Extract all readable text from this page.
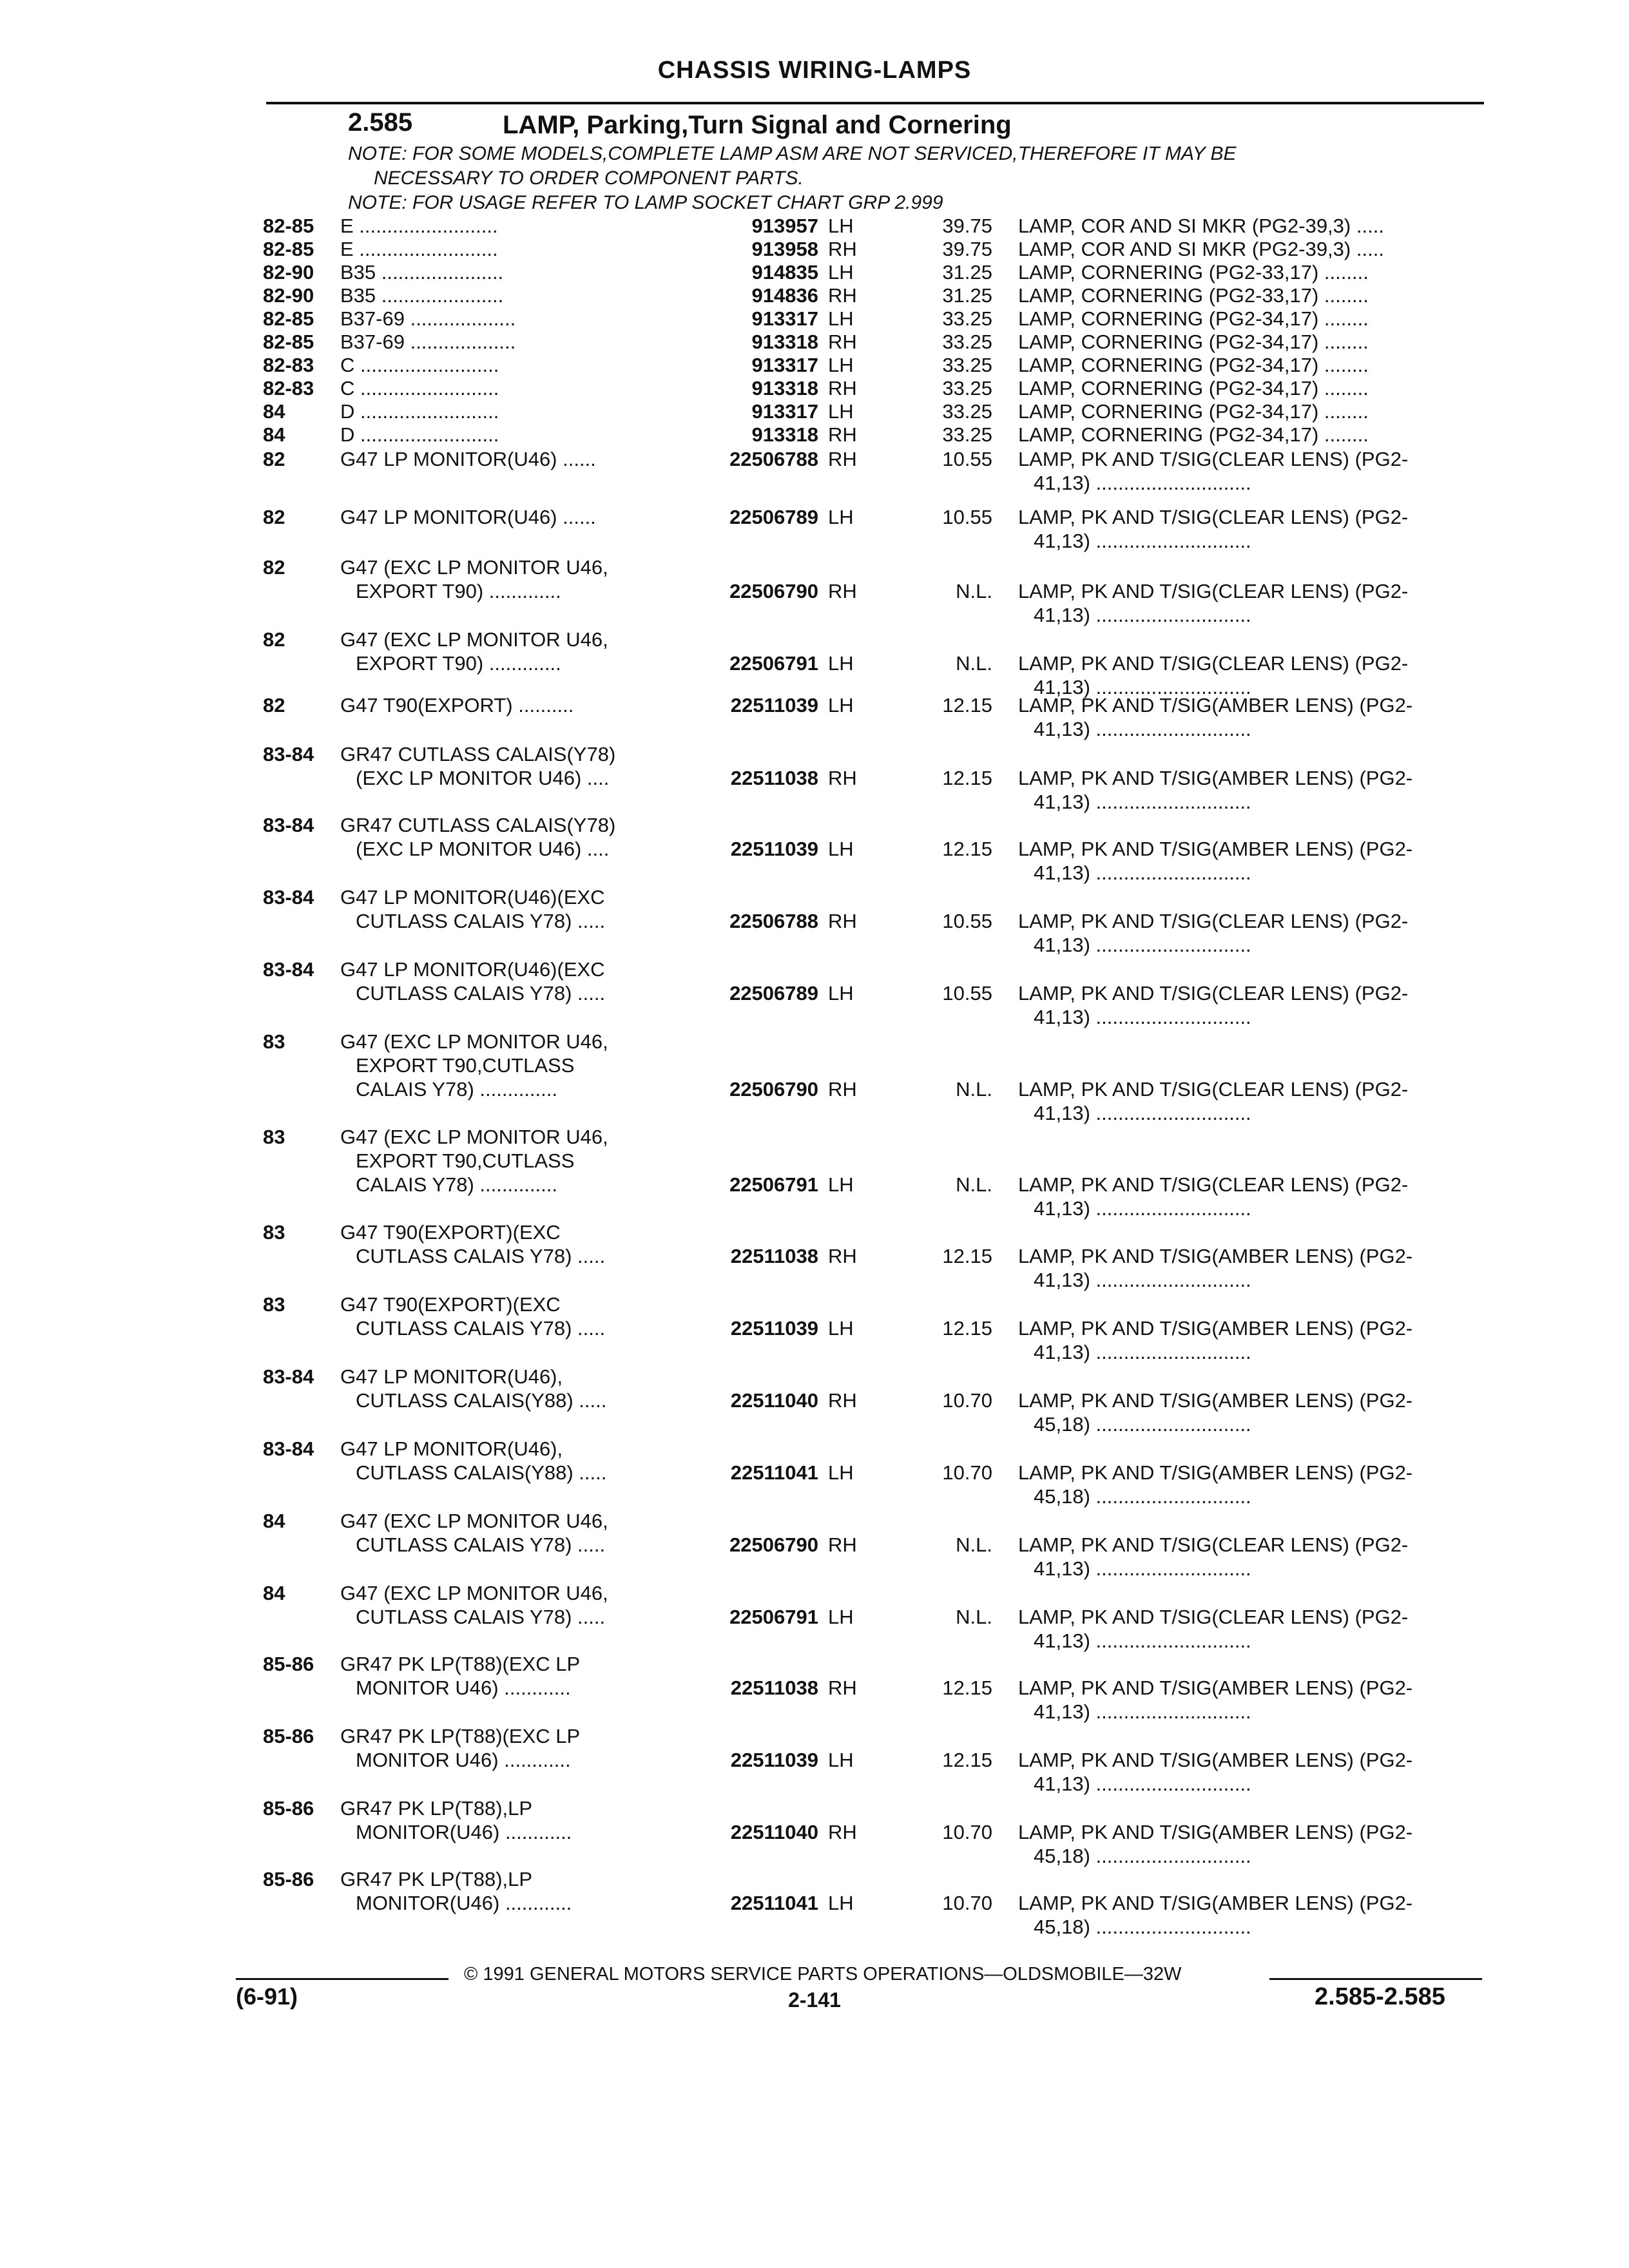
CHASSIS WIRING-LAMPS
2.585	LAMP, Parking,Turn Signal and Cornering
NOTE: FOR SOME MODELS,COMPLETE LAMP ASM ARE NOT SERVICED,THEREFORE IT MAY BE
NECESSARY TO ORDER COMPONENT PARTS.
NOTE: FOR USAGE REFER TO LAMP SOCKET CHART GRP 2.999
82-85 E .........................	913957 LH	39.75 LAMP, COR AND SI MKR (PG2-39,3) .....
82-85 E .........................	913958 RH	39.75 LAMP, COR AND SI MKR (PG2-39,3) .....
82-90 B35 ......................	914835 LH	31.25 LAMP, CORNERING (PG2-33,17) ........
82-90 B35 ......................	914836 RH	31.25 LAMP, CORNERING (PG2-33,17) ........
82-85 B37-69 ...................	913317 LH	33.25 LAMP, CORNERING (PG2-34,17) ........
82-85 B37-69 ...................	913318 RH	33.25 LAMP, CORNERING (PG2-34,17) ........
82-83 C .........................	913317 LH	33.25 LAMP, CORNERING (PG2-34,17) ........
82-83 C .........................	913318 RH	33.25 LAMP, CORNERING (PG2-34,17) ........
84	D .........................	913317 LH	33.25 LAMP, CORNERING (PG2-34,17) ........
84	D .........................	913318 RH	33.25 LAMP, CORNERING (PG2-34,17) ........
82	G47 LP MONITOR(U46) ......	22506788 RH	10.55 LAMP, PK AND T/SIG(CLEAR LENS) (PG2-
41,13) ............................
82	G47 LP MONITOR(U46) ......	22506789 LH	10.55 LAMP, PK AND T/SIG(CLEAR LENS) (PG2-
41,13) ............................
82	G47 (EXC LP MONITOR U46,
EXPORT T90) .............	22506790 RH	N.L. LAMP, PK AND T/SIG(CLEAR LENS) (PG2-
41,13) ............................
82	G47 (EXC LP MONITOR U46,
EXPORT T90) .............	22506791 LH	N.L. LAMP, PK AND T/SIG(CLEAR LENS) (PG2-
41,13) ............................
82	G47 T90(EXPORT) ..........	22511039 LH	12.15 LAMP, PK AND T/SIG(AMBER LENS) (PG2-
41,13) ............................
83-84 GR47 CUTLASS CALAIS(Y78)
(EXC LP MONITOR U46) ....	22511038 RH	12.15 LAMP, PK AND T/SIG(AMBER LENS) (PG2-
41,13) ............................
83-84 GR47 CUTLASS CALAIS(Y78)
(EXC LP MONITOR U46) ....	22511039 LH	12.15 LAMP, PK AND T/SIG(AMBER LENS) (PG2-
41,13) ............................
83-84 G47 LP MONITOR(U46)(EXC
CUTLASS CALAIS Y78) .....	22506788 RH	10.55 LAMP, PK AND T/SIG(CLEAR LENS) (PG2-
41,13) ............................
83-84 G47 LP MONITOR(U46)(EXC
CUTLASS CALAIS Y78) .....	22506789 LH	10.55 LAMP, PK AND T/SIG(CLEAR LENS) (PG2-
41,13) ............................
83	G47 (EXC LP MONITOR U46,
EXPORT T90,CUTLASS
CALAIS Y78) ..............	22506790 RH	N.L. LAMP, PK AND T/SIG(CLEAR LENS) (PG2-
41,13) ............................
83	G47 (EXC LP MONITOR U46,
EXPORT T90,CUTLASS
CALAIS Y78) ..............	22506791 LH	N.L. LAMP, PK AND T/SIG(CLEAR LENS) (PG2-
41,13) ............................
83	G47 T90(EXPORT)(EXC
CUTLASS CALAIS Y78) .....	22511038 RH	12.15 LAMP, PK AND T/SIG(AMBER LENS) (PG2-
41,13) ............................
83	G47 T90(EXPORT)(EXC
CUTLASS CALAIS Y78) .....	22511039 LH	12.15 LAMP, PK AND T/SIG(AMBER LENS) (PG2-
41,13) ............................
83-84 G47 LP MONITOR(U46),
CUTLASS CALAIS(Y88) .....	22511040 RH	10.70 LAMP, PK AND T/SIG(AMBER LENS) (PG2-
45,18) ............................
83-84 G47 LP MONITOR(U46),
CUTLASS CALAIS(Y88) .....	22511041 LH	10.70 LAMP, PK AND T/SIG(AMBER LENS) (PG2-
45,18) ............................
84	G47 (EXC LP MONITOR U46,
CUTLASS CALAIS Y78) .....	22506790 RH	N.L. LAMP, PK AND T/SIG(CLEAR LENS) (PG2-
41,13) ............................
84	G47 (EXC LP MONITOR U46,
CUTLASS CALAIS Y78) .....	22506791 LH	N.L. LAMP, PK AND T/SIG(CLEAR LENS) (PG2-
41,13) ............................
85-86 GR47 PK LP(T88)(EXC LP
MONITOR U46) ............	22511038 RH	12.15 LAMP, PK AND T/SIG(AMBER LENS) (PG2-
41,13) ............................
85-86 GR47 PK LP(T88)(EXC LP
MONITOR U46) ............	22511039 LH	12.15 LAMP, PK AND T/SIG(AMBER LENS) (PG2-
41,13) ............................
85-86 GR47 PK LP(T88),LP
MONITOR(U46) ............	22511040 RH	10.70 LAMP, PK AND T/SIG(AMBER LENS) (PG2-
45,18) ............................
85-86 GR47 PK LP(T88),LP
MONITOR(U46) ............	22511041 LH	10.70 LAMP, PK AND T/SIG(AMBER LENS) (PG2-
45,18) ............................
© 1991 GENERAL MOTORS SERVICE PARTS OPERATIONS—OLDSMOBILE—32W
(6-91)	2-141	2.585-2.585
